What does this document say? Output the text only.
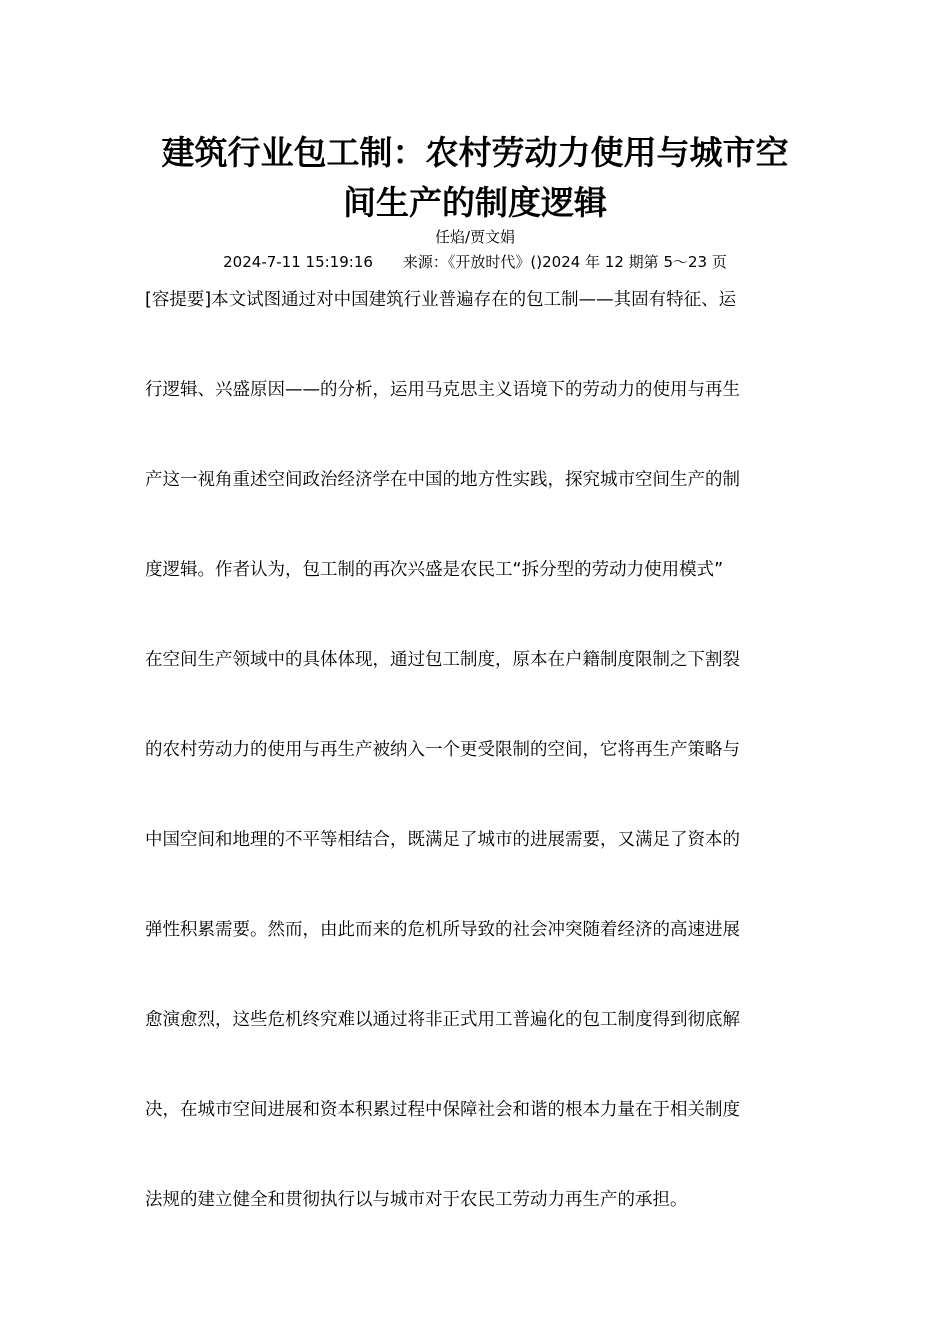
建筑行业包工制：农村劳动力使用与城市空
间生产的制度逻辑
任焰/贾文娟
2024-7-11 15:19:16 来源：《开放时代》()2024 年 12 期第 5～23 页
[容提要]本文试图通过对中国建筑行业普遍存在的包工制——其固有特征、运
行逻辑、兴盛原因——的分析，运用马克思主义语境下的劳动力的使用与再生
产这一视角重述空间政治经济学在中国的地方性实践，探究城市空间生产的制
度逻辑。作者认为，包工制的再次兴盛是农民工“拆分型的劳动力使用模式”
在空间生产领域中的具体体现，通过包工制度，原本在户籍制度限制之下割裂
的农村劳动力的使用与再生产被纳入一个更受限制的空间，它将再生产策略与
中国空间和地理的不平等相结合，既满足了城市的进展需要，又满足了资本的
弹性积累需要。然而，由此而来的危机所导致的社会冲突随着经济的高速进展
愈演愈烈，这些危机终究难以通过将非正式用工普遍化的包工制度得到彻底解
决，在城市空间进展和资本积累过程中保障社会和谐的根本力量在于相关制度
法规的建立健全和贯彻执行以与城市对于农民工劳动力再生产的承担。
